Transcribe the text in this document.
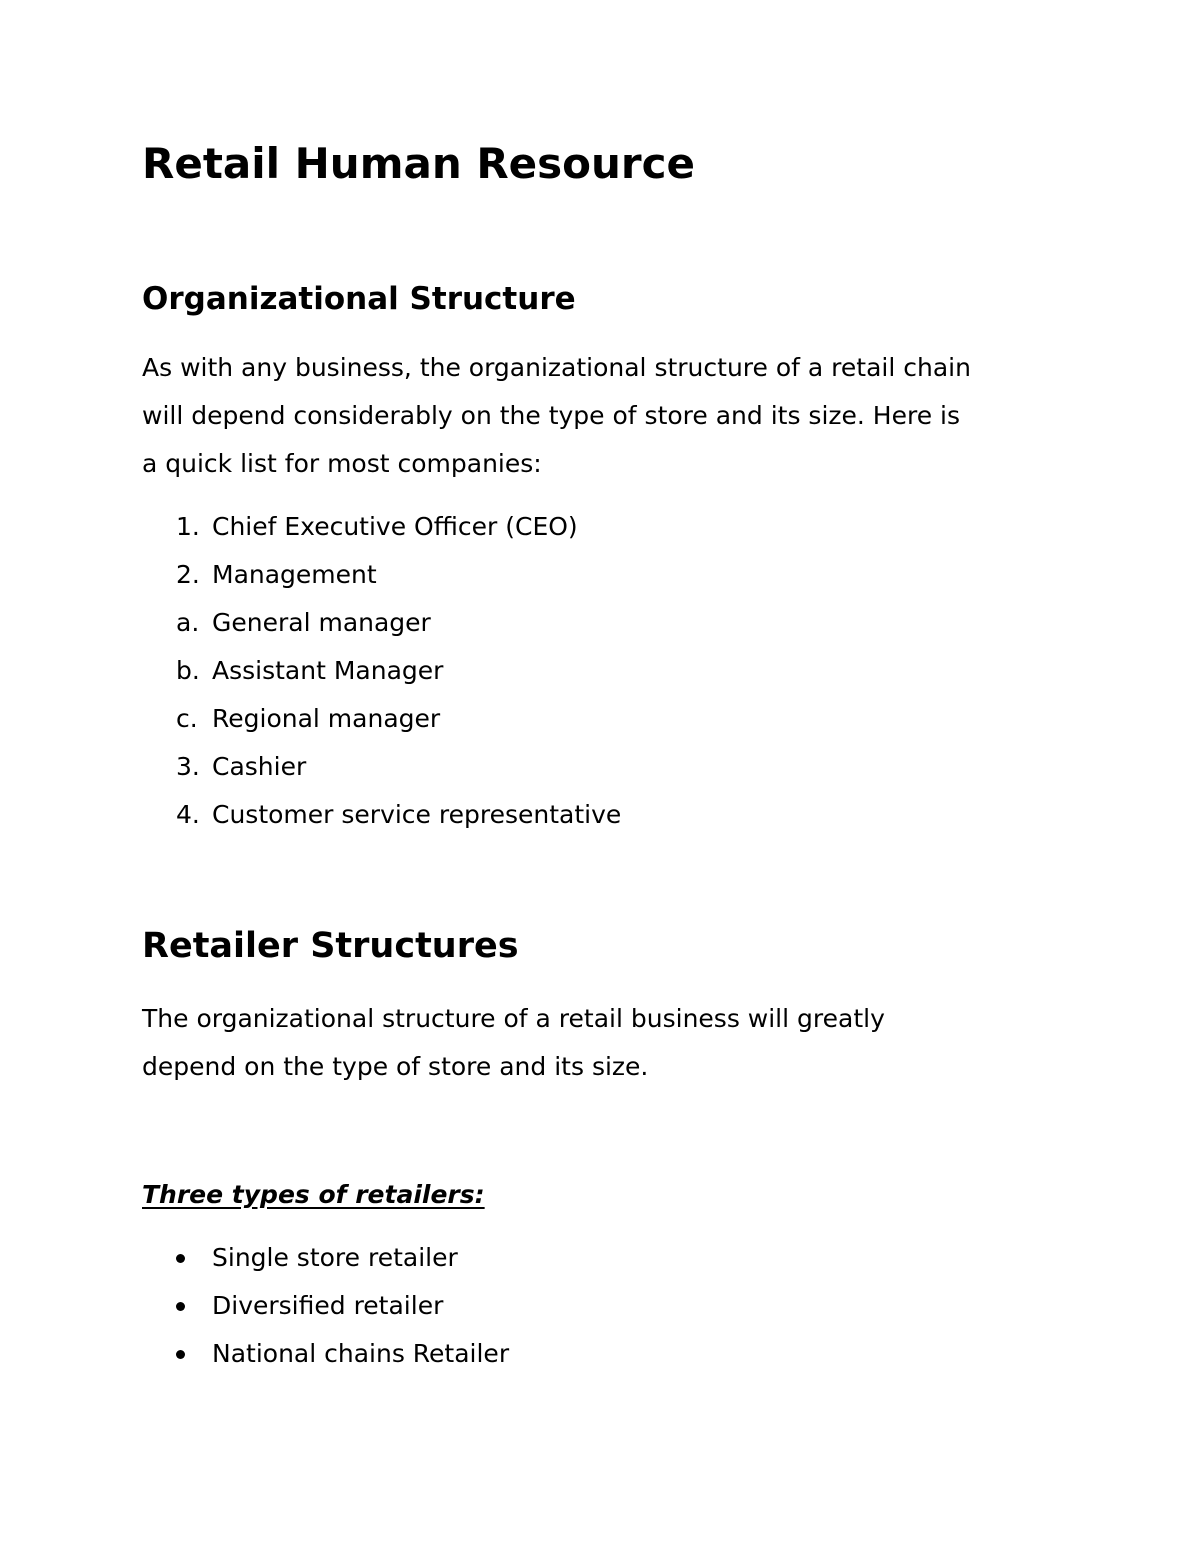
Retail Human Resource
Organizational Structure
As with any business, the organizational structure of a retail chain
will depend considerably on the type of store and its size. Here is
a quick list for most companies:
1. Chief Executive Officer (CEO)
2. Management
a. General manager
b. Assistant Manager
c. Regional manager
3. Cashier
4. Customer service representative
Retailer Structures
The organizational structure of a retail business will greatly
depend on the type of store and its size.
Three types of retailers:
Single store retailer
Diversified retailer
National chains Retailer
